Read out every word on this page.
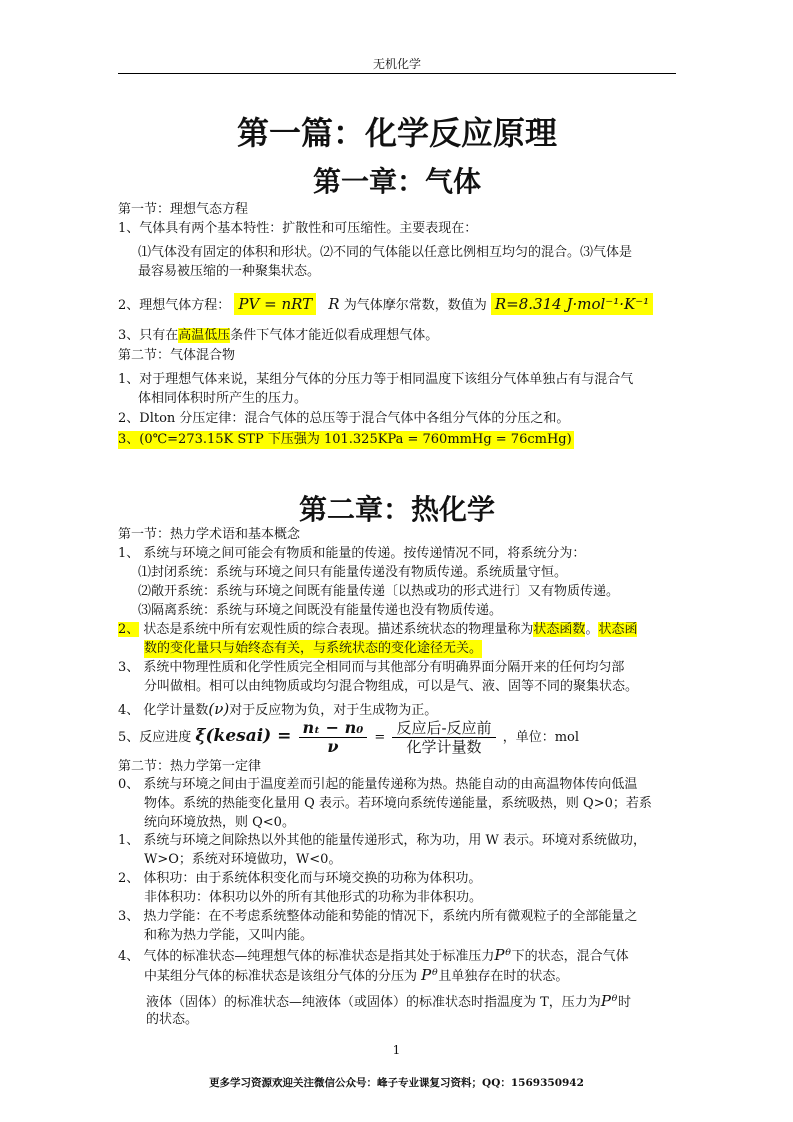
无机化学
第一篇：化学反应原理
第一章：气体
第一节：理想气态方程
1、气体具有两个基本特性：扩散性和可压缩性。主要表现在：
⑴气体没有固定的体积和形状。⑵不同的气体能以任意比例相互均匀的混合。⑶气体是
最容易被压缩的一种聚集状态。
2、理想气体方程： PV = nRT R 为气体摩尔常数，数值为 R=8.314 J·mol⁻¹·K⁻¹
3、只有在高温低压条件下气体才能近似看成理想气体。
第二节：气体混合物
1、对于理想气体来说，某组分气体的分压力等于相同温度下该组分气体单独占有与混合气
体相同体积时所产生的压力。
2、Dlton 分压定律：混合气体的总压等于混合气体中各组分气体的分压之和。
3、(0℃=273.15K STP 下压强为 101.325KPa = 760mmHg = 76cmHg)
第二章：热化学
第一节：热力学术语和基本概念
1、 系统与环境之间可能会有物质和能量的传递。按传递情况不同，将系统分为：
⑴封闭系统：系统与环境之间只有能量传递没有物质传递。系统质量守恒。
⑵敞开系统：系统与环境之间既有能量传递〔以热或功的形式进行〕又有物质传递。
⑶隔离系统：系统与环境之间既没有能量传递也没有物质传递。
2、 状态是系统中所有宏观性质的综合表现。描述系统状态的物理量称为状态函数。状态函
数的变化量只与始终态有关，与系统状态的变化途径无关。
3、 系统中物理性质和化学性质完全相同而与其他部分有明确界面分隔开来的任何均匀部
分叫做相。相可以由纯物质或均匀混合物组成，可以是气、液、固等不同的聚集状态。
4、 化学计量数(ν)对于反应物为负，对于生成物为正。
5、反应进度 ξ(kesai) = $\frac{\text{nₜ − n₀}}{\nu} = \frac{\text{反应后-反应前}}{\text{化学计量数}}$ ，单位：mol
第二节：热力学第一定律
0、 系统与环境之间由于温度差而引起的能量传递称为热。热能自动的由高温物体传向低温
物体。系统的热能变化量用 Q 表示。若环境向系统传递能量，系统吸热，则 Q>0；若系
统向环境放热，则 Q<0。
1、 系统与环境之间除热以外其他的能量传递形式，称为功，用 W 表示。环境对系统做功，
W>O；系统对环境做功，W<0。
2、 体积功：由于系统体积变化而与环境交换的功称为体积功。
非体积功：体积功以外的所有其他形式的功称为非体积功。
3、 热力学能：在不考虑系统整体动能和势能的情况下，系统内所有微观粒子的全部能量之
和称为热力学能，又叫内能。
4、 气体的标准状态—纯理想气体的标准状态是指其处于标准压力Pᶿ下的状态，混合气体
中某组分气体的标准状态是该组分气体的分压为 Pᶿ且单独存在时的状态。
液体（固体）的标准状态—纯液体（或固体）的标准状态时指温度为 T，压力为Pᶿ时
的状态。
1
更多学习资源欢迎关注微信公众号：峰子专业课复习资料；QQ：1569350942
